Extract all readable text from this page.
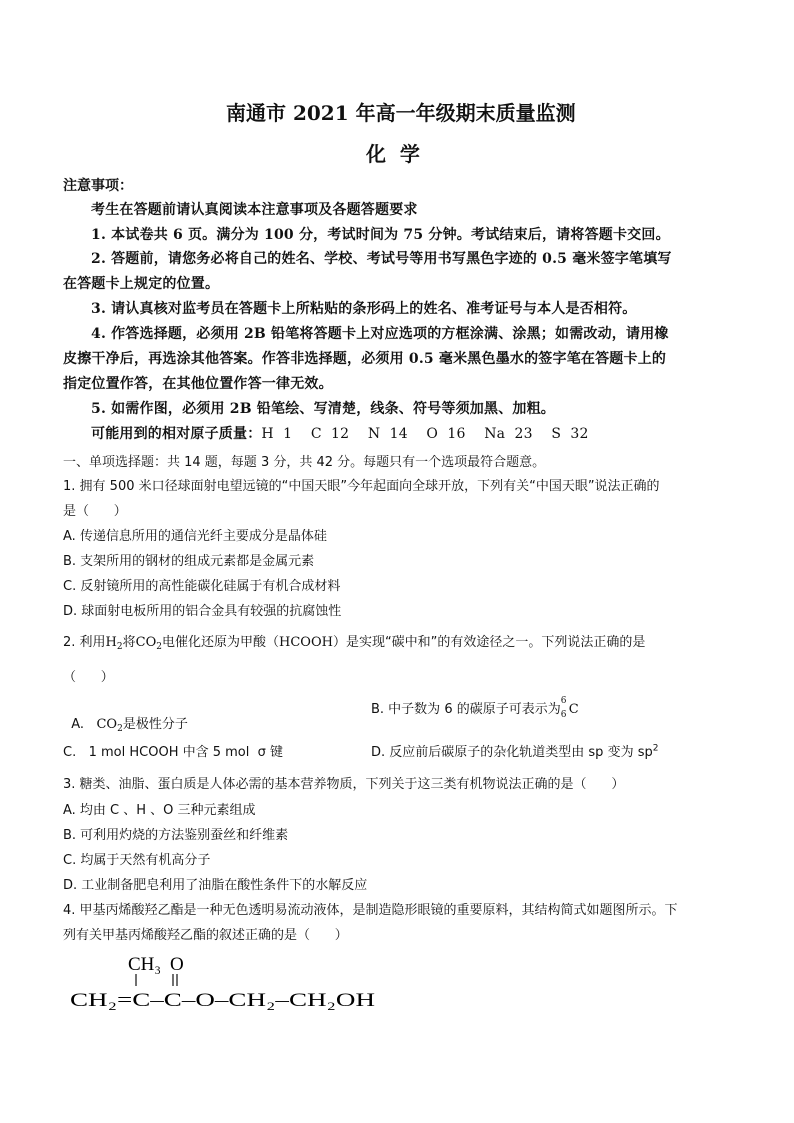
南通市 2021 年高一年级期末质量监测
化  学
注意事项：
考生在答题前请认真阅读本注意事项及各题答题要求
1. 本试卷共 6 页。满分为 100 分，考试时间为 75 分钟。考试结束后，请将答题卡交回。
2. 答题前，请您务必将自己的姓名、学校、考试号等用书写黑色字迹的 0.5 毫米签字笔填写
在答题卡上规定的位置。
3. 请认真核对监考员在答题卡上所粘贴的条形码上的姓名、准考证号与本人是否相符。
4. 作答选择题，必须用 2B 铅笔将答题卡上对应选项的方框涂满、涂黑；如需改动，请用橡
皮擦干净后，再选涂其他答案。作答非选择题，必须用 0.5 毫米黑色墨水的签字笔在答题卡上的
指定位置作答，在其他位置作答一律无效。
5. 如需作图，必须用 2B 铅笔绘、写清楚，线条、符号等须加黑、加粗。
可能用到的相对原子质量：H  1    C  12    N  14    O  16    Na  23    S  32
一、单项选择题：共 14 题，每题 3 分，共 42 分。每题只有一个选项最符合题意。
1. 拥有 500 米口径球面射电望远镜的“中国天眼”今年起面向全球开放，下列有关“中国天眼”说法正确的
是（      ）
A. 传递信息所用的通信光纤主要成分是晶体硅
B. 支架所用的钢材的组成元素都是金属元素
C. 反射镜所用的高性能碳化硅属于有机合成材料
D. 球面射电板所用的铝合金具有较强的抗腐蚀性
2. 利用$H_2$将$CO_2$电催化还原为甲酸（HCOOH）是实现“碳中和”的有效途径之一。下列说法正确的是
（      ）

A.   $CO_2$是极性分子

B. 中子数为 6 的碳原子可表示为
6
6 C
C.   1 mol HCOOH 中含 5 mol  σ 键	D. 反应前后碳原子的杂化轨道类型由 sp 变为 $sp^2$
3. 糖类、油脂、蛋白质是人体必需的基本营养物质，下列关于这三类有机物说法正确的是（      ）
A. 均由 C 、H 、O 三种元素组成
B. 可利用灼烧的方法鉴别蚕丝和纤维素
C. 均属于天然有机高分子
D. 工业制备肥皂利用了油脂在酸性条件下的水解反应
4. 甲基丙烯酸羟乙酯是一种无色透明易流动液体，是制造隐形眼镜的重要原料，其结构简式如题图所示。下
列有关甲基丙烯酸羟乙酯的叙述正确的是（      ）
CH₃ O
CH₂=C–C–O–CH₂–CH₂OH
